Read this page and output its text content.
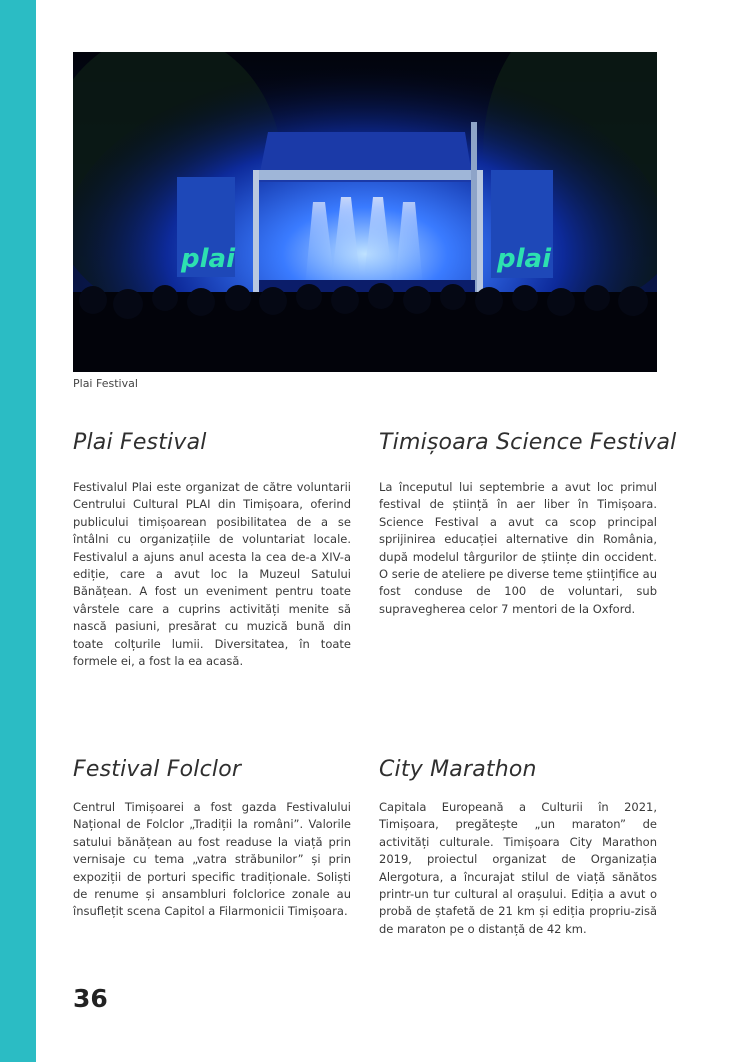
plai	plai
Plai Festival
Plai Festival

Festivalul Plai este organizat de către voluntarii Centrului Cultural PLAI din Timișoara, oferind publicului timișoarean posibilitatea de a se întâlni cu organizațiile de voluntariat locale. Festivalul a ajuns anul acesta la cea de-a XIV-a ediție, care a avut loc la Muzeul Satului Bănățean. A fost un eveniment pentru toate vârstele care a cuprins activități menite să nască pasiuni, presărat cu muzică bună din toate colțurile lumii. Diversitatea, în toate formele ei, a fost la ea acasă.

Timișoara Science Festival

La începutul lui septembrie a avut loc primul festival de știință în aer liber în Timișoara. Science Festival a avut ca scop principal sprijinirea educației alternative din România, după modelul târgurilor de științe din occident. O serie de ateliere pe diverse teme științifice au fost conduse de 100 de voluntari, sub supravegherea celor 7 mentori de la Oxford.

Festival Folclor

Centrul Timișoarei a fost gazda Festivalului Național de Folclor „Tradiții la români”. Valorile satului bănățean au fost readuse la viață prin vernisaje cu tema „vatra străbunilor” și prin expoziții de porturi specific tradiționale. Soliști de renume și ansambluri folclorice zonale au însuflețit scena Capitol a Filarmonicii Timișoara.

City Marathon

Capitala Europeană a Culturii în 2021, Timișoara, pregătește „un maraton” de activități culturale. Timișoara City Marathon 2019, proiectul organizat de Organizația Alergotura, a încurajat stilul de viață sănătos printr-un tur cultural al orașului. Ediția a avut o probă de ștafetă de 21 km și ediția propriu-zisă de maraton pe o distanță de 42 km.

36
